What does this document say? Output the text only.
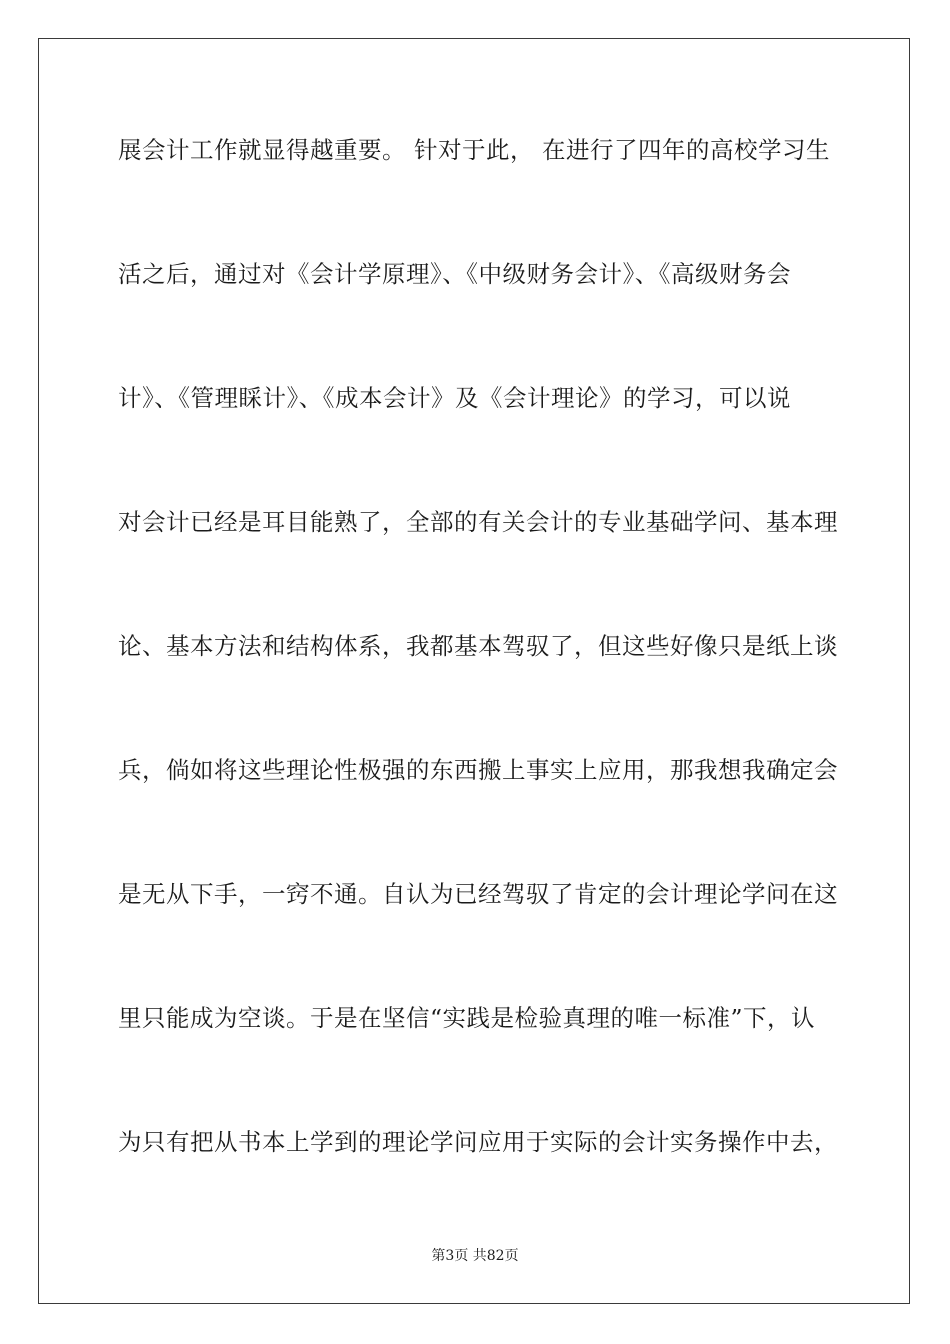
展会计工作就显得越重要。 针对于此， 在进行了四年的高校学习生
活之后，通过对《会计学原理》、《中级财务会计》、《高级财务会
计》、《管理睬计》、《成本会计》及《会计理论》的学习，可以说
对会计已经是耳目能熟了，全部的有关会计的专业基础学问、基本理
论、基本方法和结构体系，我都基本驾驭了，但这些好像只是纸上谈
兵，倘如将这些理论性极强的东西搬上事实上应用，那我想我确定会
是无从下手，一窍不通。自认为已经驾驭了肯定的会计理论学问在这
里只能成为空谈。于是在坚信“实践是检验真理的唯一标准”下，认
为只有把从书本上学到的理论学问应用于实际的会计实务操作中去，
第3页 共82页
